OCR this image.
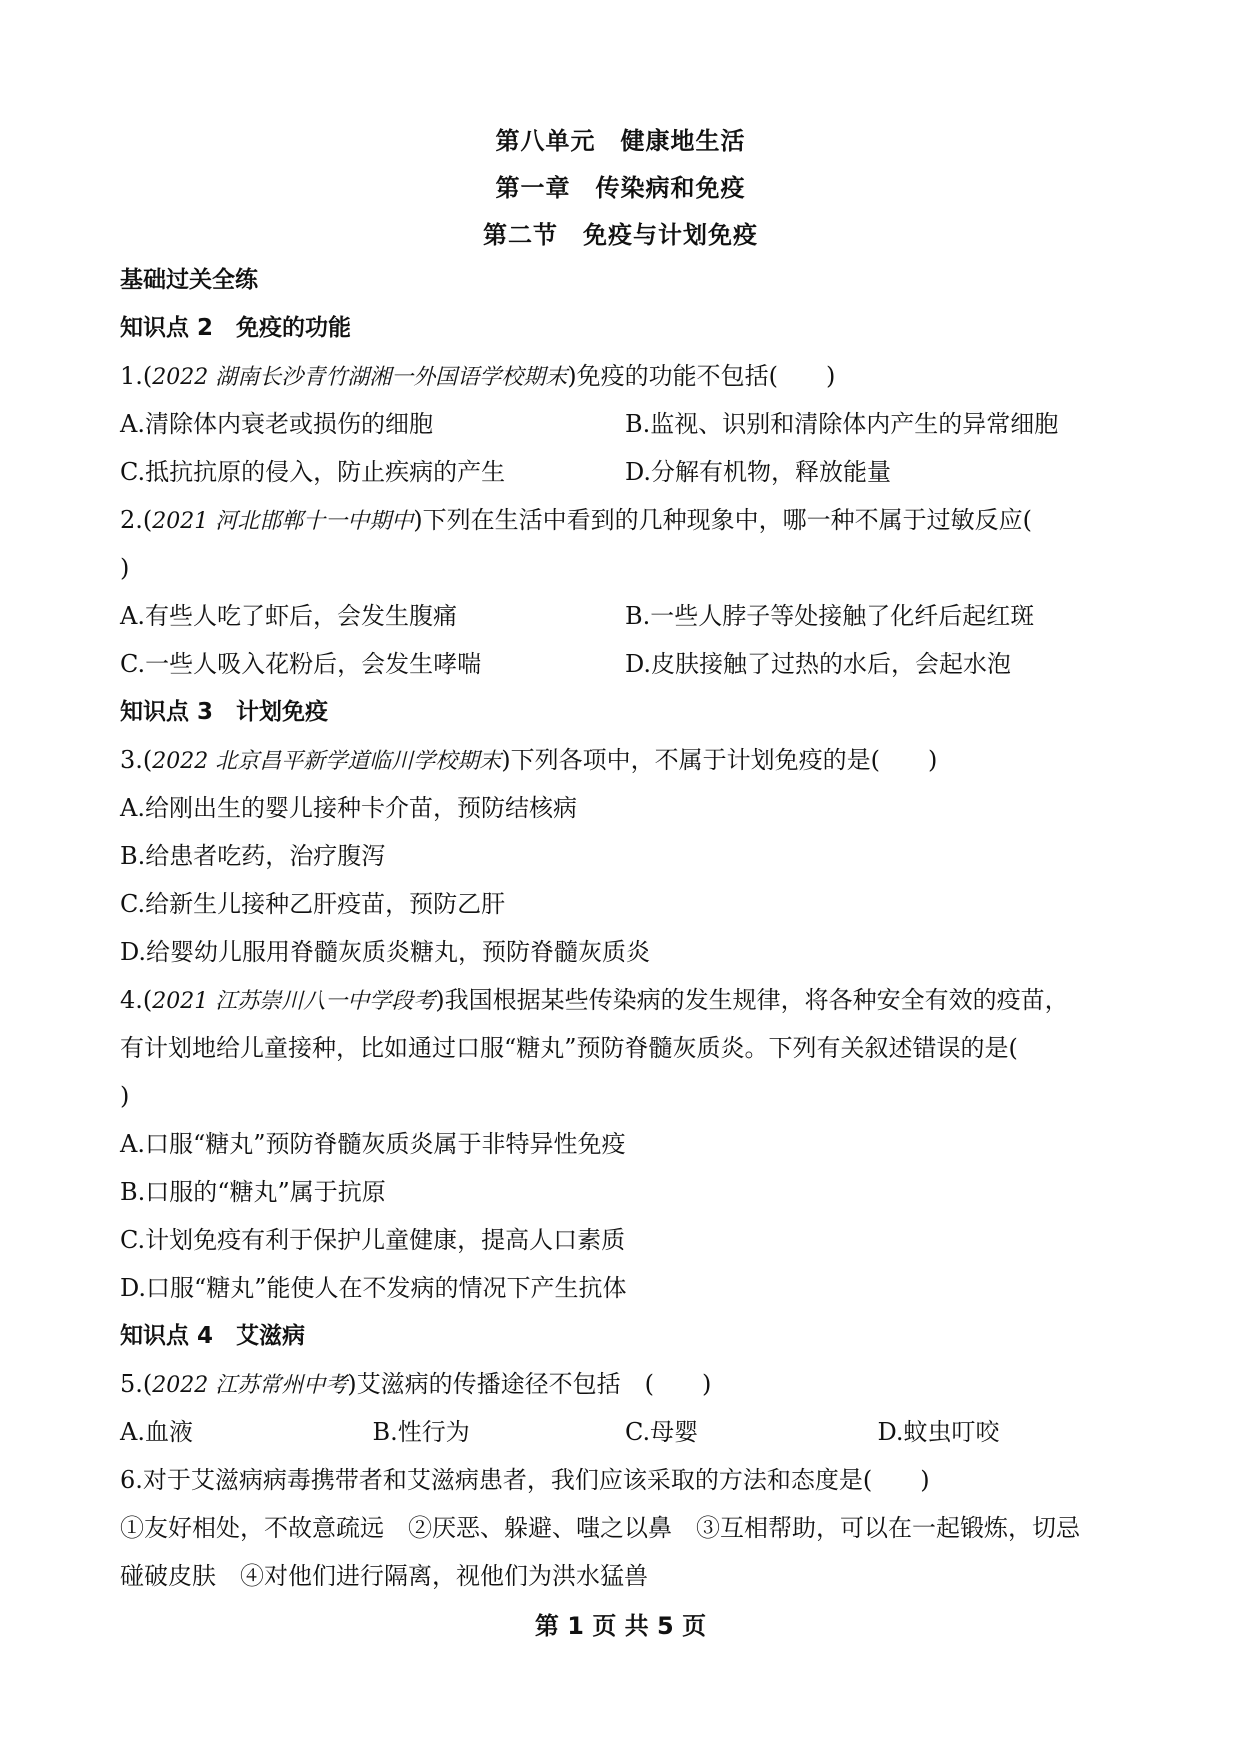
第八单元　健康地生活
第一章　传染病和免疫
第二节　免疫与计划免疫
基础过关全练
知识点 2　免疫的功能
1.(2022 湖南长沙青竹湖湘一外国语学校期末)免疫的功能不包括(　　)
A.清除体内衰老或损伤的细胞	B.监视、识别和清除体内产生的异常细胞
C.抵抗抗原的侵入，防止疾病的产生	D.分解有机物，释放能量
2.(2021 河北邯郸十一中期中)下列在生活中看到的几种现象中，哪一种不属于过敏反应(
)
A.有些人吃了虾后，会发生腹痛	B.一些人脖子等处接触了化纤后起红斑
C.一些人吸入花粉后，会发生哮喘	D.皮肤接触了过热的水后，会起水泡
知识点 3　计划免疫
3.(2022 北京昌平新学道临川学校期末)下列各项中，不属于计划免疫的是(　　)
A.给刚出生的婴儿接种卡介苗，预防结核病
B.给患者吃药，治疗腹泻
C.给新生儿接种乙肝疫苗，预防乙肝
D.给婴幼儿服用脊髓灰质炎糖丸，预防脊髓灰质炎
4.(2021 江苏崇川八一中学段考)我国根据某些传染病的发生规律，将各种安全有效的疫苗，
有计划地给儿童接种，比如通过口服“糖丸”预防脊髓灰质炎。下列有关叙述错误的是(
)
A.口服“糖丸”预防脊髓灰质炎属于非特异性免疫
B.口服的“糖丸”属于抗原
C.计划免疫有利于保护儿童健康，提高人口素质
D.口服“糖丸”能使人在不发病的情况下产生抗体
知识点 4　艾滋病
5.(2022 江苏常州中考)艾滋病的传播途径不包括　(　　)
A.血液	B.性行为	C.母婴	D.蚊虫叮咬
6.对于艾滋病病毒携带者和艾滋病患者，我们应该采取的方法和态度是(　　)
①友好相处，不故意疏远　②厌恶、躲避、嗤之以鼻　③互相帮助，可以在一起锻炼，切忌
碰破皮肤　④对他们进行隔离，视他们为洪水猛兽
第 1 页 共 5 页
